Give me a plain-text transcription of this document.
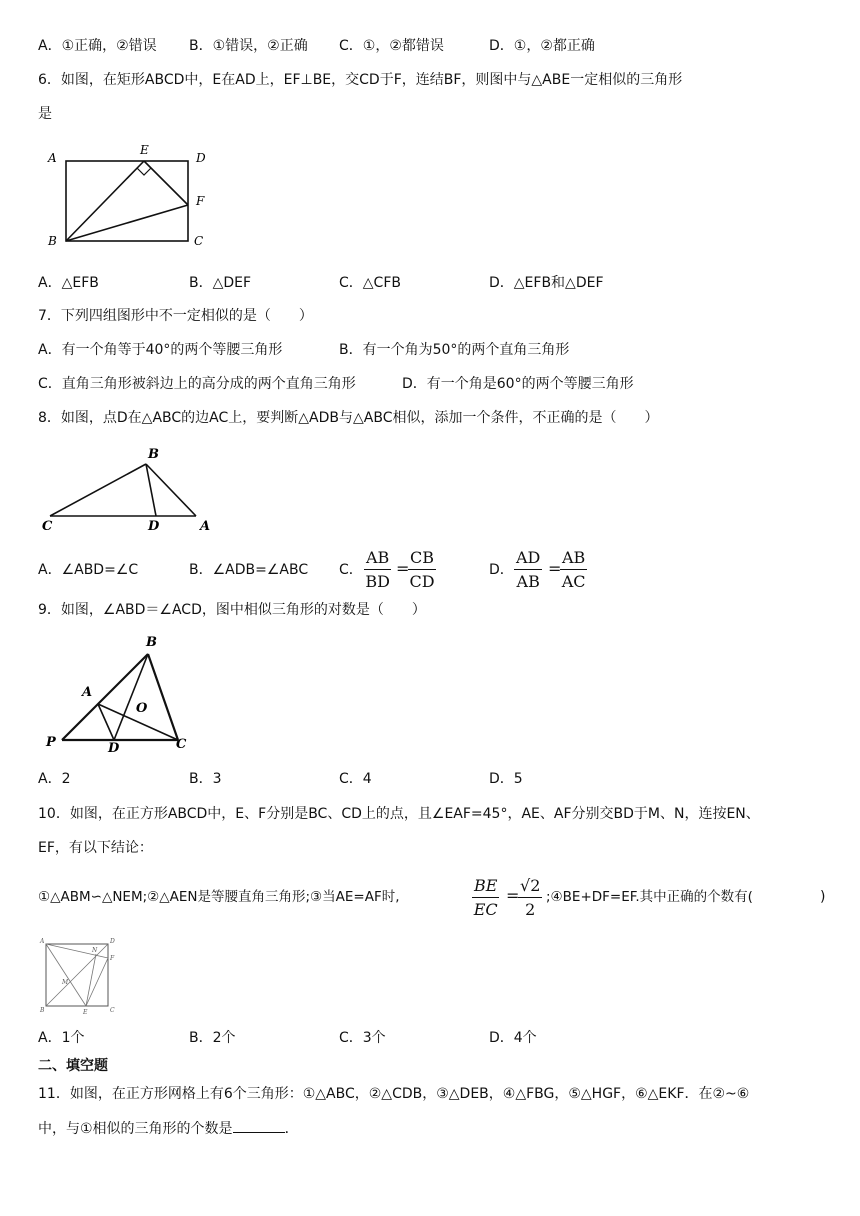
A．①正确，②错误 B．①错误，②正确 C．①，②都错误	D．①，②都正确
6．如图，在矩形ABCD中，E在AD上，EF⊥BE，交CD于F，连结BF，则图中与△ABE一定相似的三角形
是
A
E
D
F
B	C
A．△EFB	B．△DEF	C．△CFB	D．△EFB和△DEF
7．下列四组图形中不一定相似的是（　　）
A．有一个角等于40°的两个等腰三角形	B．有一个角为50°的两个直角三角形
C．直角三角形被斜边上的高分成的两个直角三角形	D．有一个角是60°的两个等腰三角形
8．如图，点D在△ABC的边AC上，要判断△ADB与△ABC相似，添加一个条件，不正确的是（　　）
B
C	D	A
A．∠ABD=∠C	B．∠ADB=∠ABC C． $\frac{AB}{BD}$ =
$\frac{CB}{CD}$	D． $\frac{AD}{AB}$ =
$\frac{AB}{AC}$
9．如图，∠ABD＝∠ACD，图中相似三角形的对数是（　　）
B
A
O
P	D	C
A．2	B．3	C．4	D．5
10．如图，在正方形ABCD中，E、F分别是BC、CD上的点，且∠EAF=45°，AE、AF分别交BD于M、N，连按EN、
EF，有以下结论：
①△ABM∽△NEM;②△AEN是等腰直角三角形;③当AE=AF时,	$\frac{BE}{EC}$ =
$\frac{√2}{2}$ ;④BE+DF=EF.其中正确的个数有(	)
A	D
N
F
M
B	E	C
A．1个	B．2个	C．3个	D．4个
二、填空题
11．如图，在正方形网格上有6个三角形：①△ABC，②△CDB，③△DEB，④△FBG，⑤△HGF，⑥△EKF．在②~⑥
中，与①相似的三角形的个数是	．
